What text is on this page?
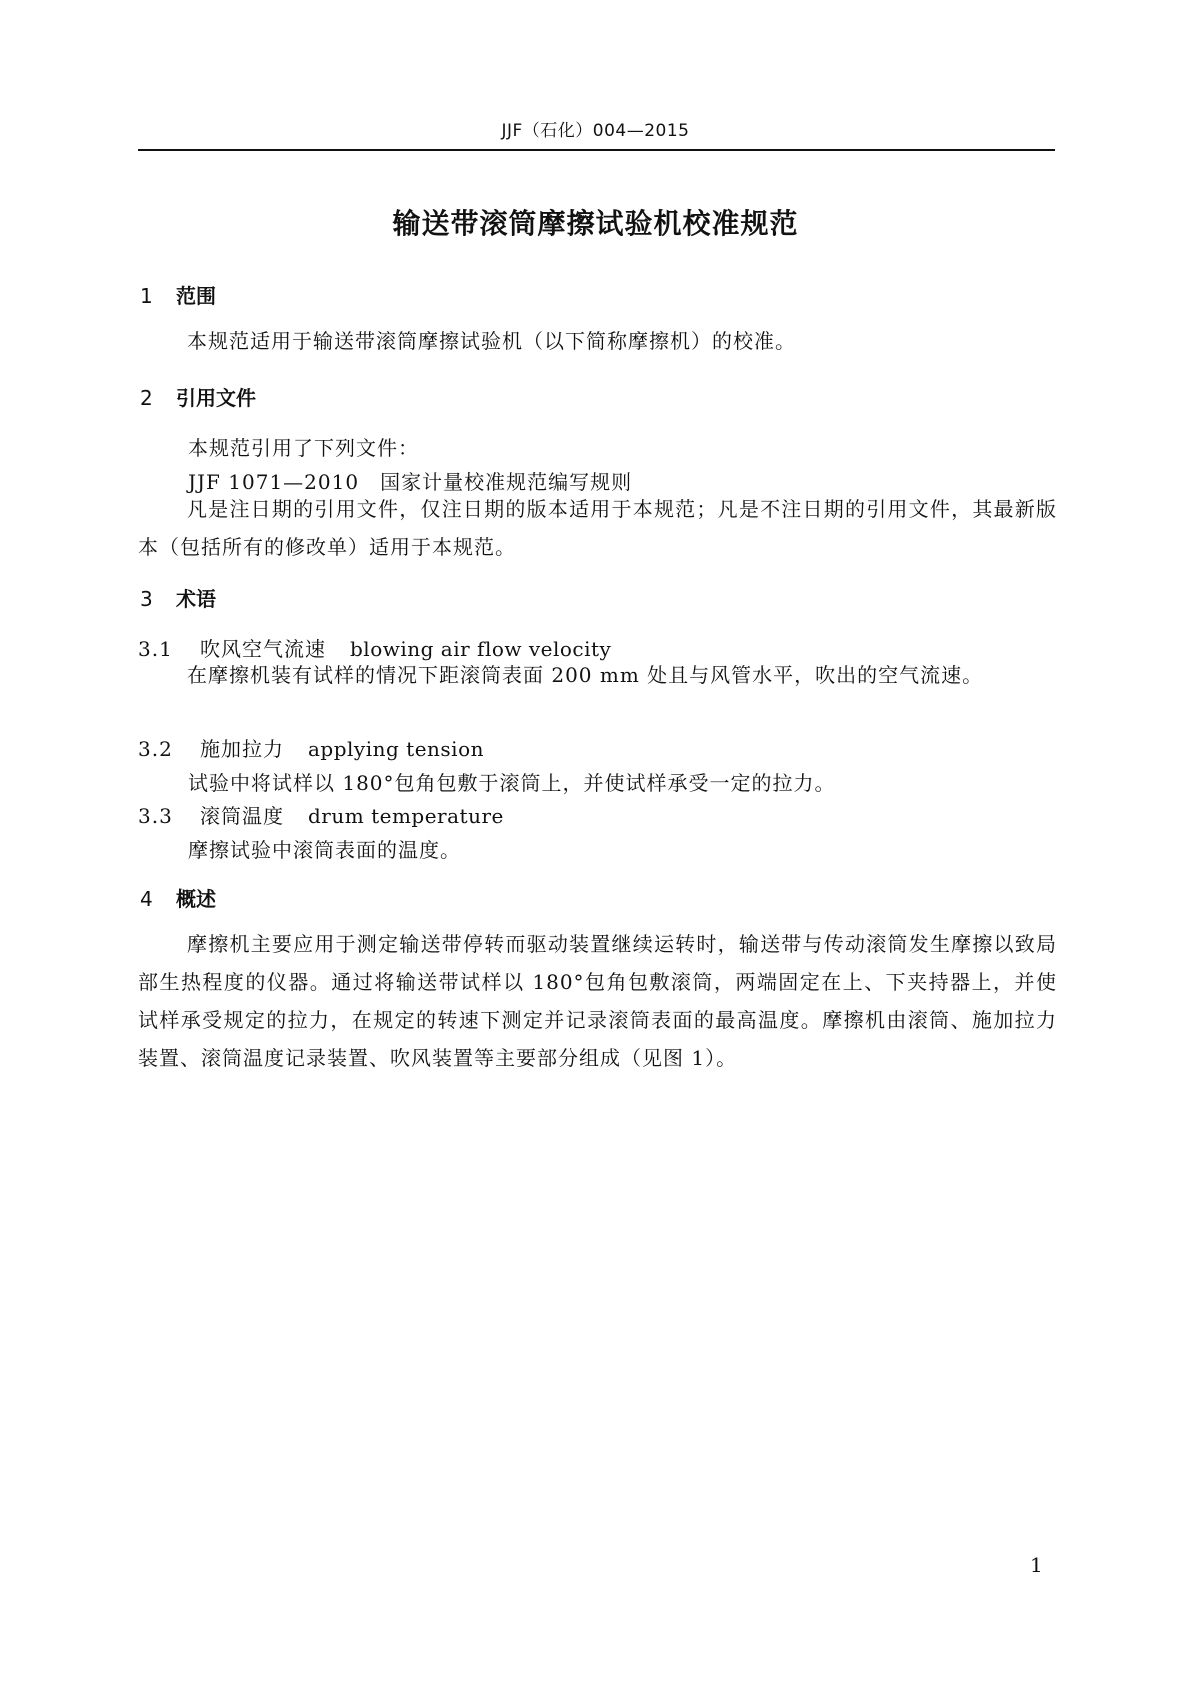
JJF（石化）004—2015
输送带滚筒摩擦试验机校准规范
1 范围
本规范适用于输送带滚筒摩擦试验机（以下简称摩擦机）的校准。
2 引用文件
本规范引用了下列文件：
JJF 1071—2010　国家计量校准规范编写规则
凡是注日期的引用文件，仅注日期的版本适用于本规范；凡是不注日期的引用文件，其最新版本（包括所有的修改单）适用于本规范。
3 术语
3.1 吹风空气流速 blowing air flow velocity
在摩擦机装有试样的情况下距滚筒表面 200 mm 处且与风管水平，吹出的空气流速。
3.2 施加拉力 applying tension
试验中将试样以 180°包角包敷于滚筒上，并使试样承受一定的拉力。
3.3 滚筒温度 drum temperature
摩擦试验中滚筒表面的温度。
4 概述
摩擦机主要应用于测定输送带停转而驱动装置继续运转时，输送带与传动滚筒发生摩擦以致局部生热程度的仪器。通过将输送带试样以 180°包角包敷滚筒，两端固定在上、下夹持器上，并使试样承受规定的拉力，在规定的转速下测定并记录滚筒表面的最高温度。摩擦机由滚筒、施加拉力装置、滚筒温度记录装置、吹风装置等主要部分组成（见图 1）。
1
